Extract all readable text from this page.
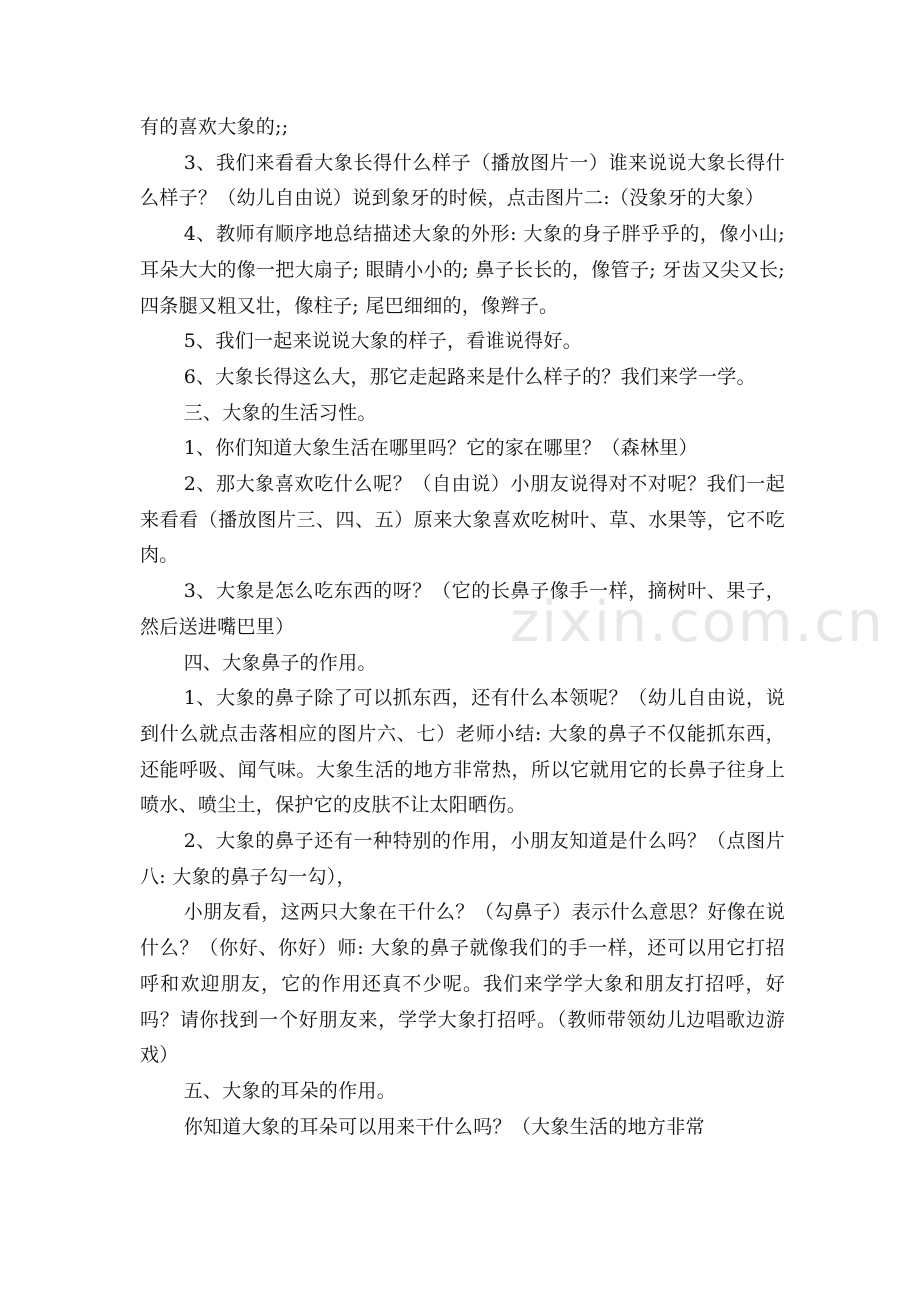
有的喜欢大象的;;

3、我们来看看大象长得什么样子（播放图片一）谁来说说大象长得什么样子？（幼儿自由说）说到象牙的时候，点击图片二:（没象牙的大象）

4、教师有顺序地总结描述大象的外形: 大象的身子胖乎乎的，像小山; 耳朵大大的像一把大扇子; 眼睛小小的; 鼻子长长的，像管子; 牙齿又尖又长; 四条腿又粗又壮，像柱子; 尾巴细细的，像辫子。

5、我们一起来说说大象的样子，看谁说得好。

6、大象长得这么大，那它走起路来是什么样子的？我们来学一学。

三、大象的生活习性。

1、你们知道大象生活在哪里吗？它的家在哪里？（森林里）

2、那大象喜欢吃什么呢？（自由说）小朋友说得对不对呢？我们一起来看看（播放图片三、四、五）原来大象喜欢吃树叶、草、水果等，它不吃肉。

3、大象是怎么吃东西的呀？（它的长鼻子像手一样，摘树叶、果子，然后送进嘴巴里）

四、大象鼻子的作用。

1、大象的鼻子除了可以抓东西，还有什么本领呢？（幼儿自由说，说到什么就点击落相应的图片六、七）老师小结: 大象的鼻子不仅能抓东西，还能呼吸、闻气味。大象生活的地方非常热，所以它就用它的长鼻子往身上喷水、喷尘土，保护它的皮肤不让太阳晒伤。

2、大象的鼻子还有一种特别的作用，小朋友知道是什么吗？（点图片八: 大象的鼻子勾一勾），

小朋友看，这两只大象在干什么？（勾鼻子）表示什么意思？好像在说什么？（你好、你好）师: 大象的鼻子就像我们的手一样，还可以用它打招呼和欢迎朋友，它的作用还真不少呢。我们来学学大象和朋友打招呼，好吗？请你找到一个好朋友来，学学大象打招呼。（教师带领幼儿边唱歌边游戏）

五、大象的耳朵的作用。

你知道大象的耳朵可以用来干什么吗？（大象生活的地方非常

zixin.com.cn
